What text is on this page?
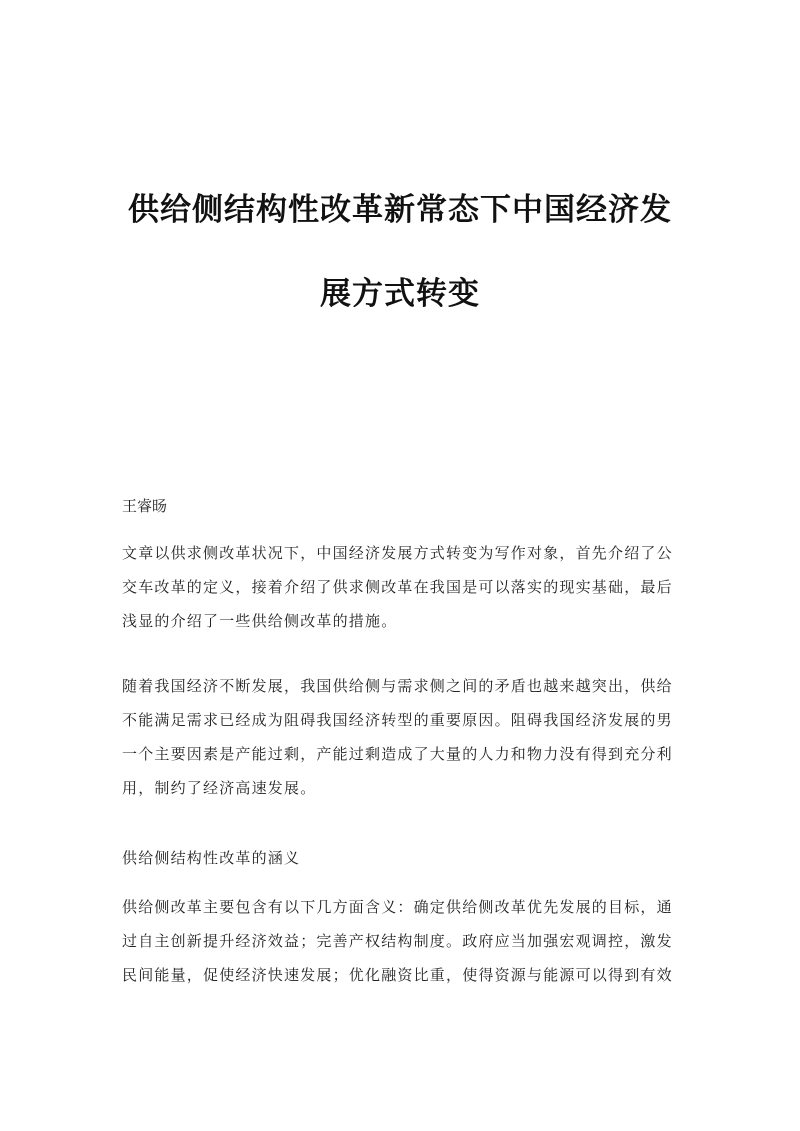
供给侧结构性改革新常态下中国经济发
展方式转变

王睿旸

文章以供求侧改革状况下，中国经济发展方式转变为写作对象，首先介绍了公
交车改革的定义，接着介绍了供求侧改革在我国是可以落实的现实基础，最后
浅显的介绍了一些供给侧改革的措施。
随着我国经济不断发展，我国供给侧与需求侧之间的矛盾也越来越突出，供给
不能满足需求已经成为阻碍我国经济转型的重要原因。阻碍我国经济发展的男
一个主要因素是产能过剩，产能过剩造成了大量的人力和物力没有得到充分利
用，制约了经济高速发展。
供给侧结构性改革的涵义
供给侧改革主要包含有以下几方面含义：确定供给侧改革优先发展的目标，通
过自主创新提升经济效益；完善产权结构制度。政府应当加强宏观调控，激发
民间能量，促使经济快速发展；优化融资比重，使得资源与能源可以得到有效
